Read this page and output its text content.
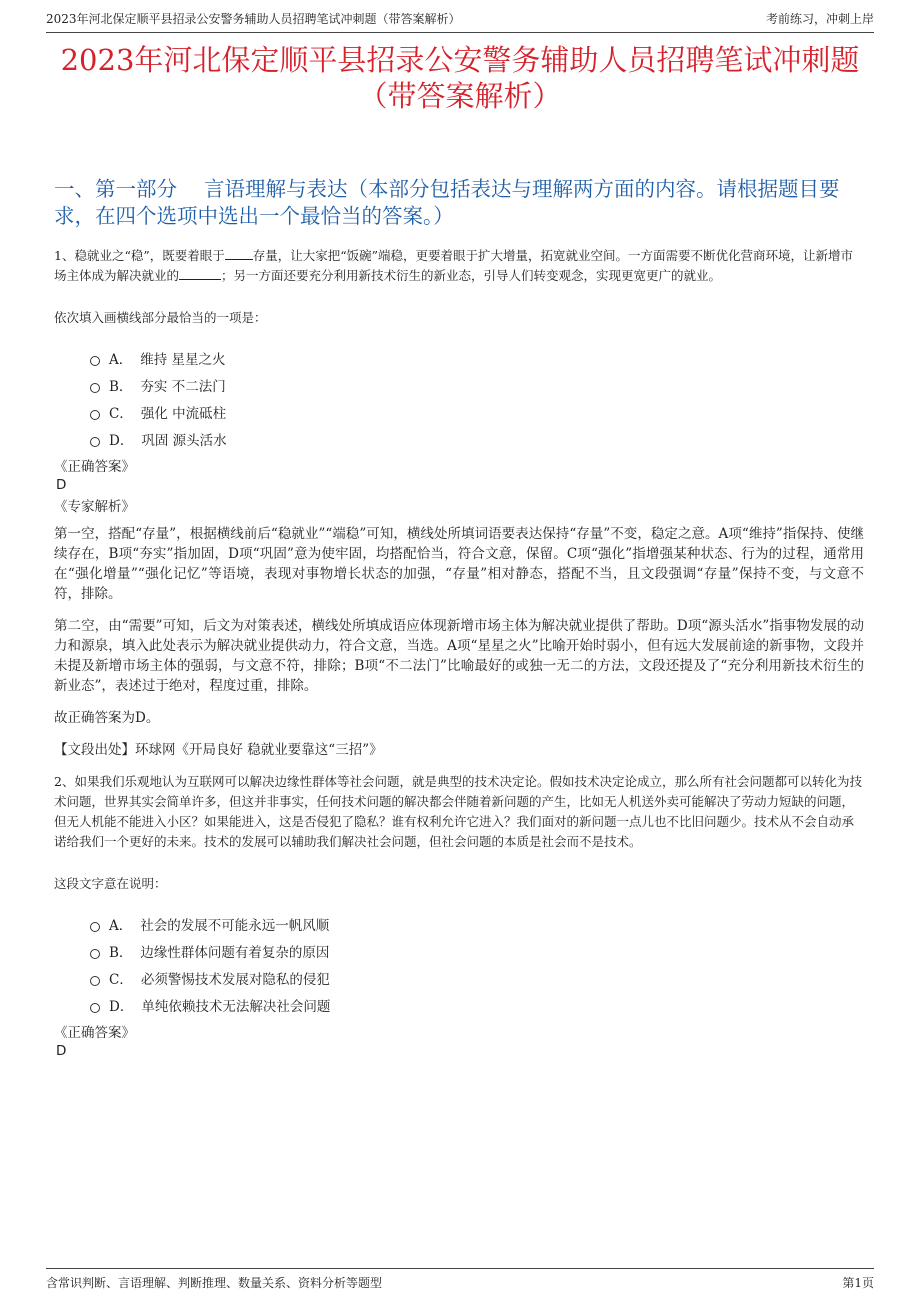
2023年河北保定顺平县招录公安警务辅助人员招聘笔试冲刺题（带答案解析）	考前练习，冲刺上岸
2023年河北保定顺平县招录公安警务辅助人员招聘笔试冲刺题
（带答案解析）
一、第一部分　 言语理解与表达（本部分包括表达与理解两方面的内容。请根据题目要求，在四个选项中选出一个最恰当的答案。）

1、稳就业之“稳”，既要着眼于 存量，让大家把“饭碗”端稳，更要着眼于扩大增量，拓宽就业空间。一方面需要不断优化营商环境，让新增市场主体成为解决就业的	；另一方面还要充分利用新技术衍生的新业态，引导人们转变观念，实现更宽更广的就业。

依次填入画横线部分最恰当的一项是：

A． 维持 星星之火
B． 夯实 不二法门
C． 强化 中流砥柱
D． 巩固 源头活水

《正确答案》

D

《专家解析》

第一空，搭配“存量”，根据横线前后“稳就业”“端稳”可知，横线处所填词语要表达保持“存量”不变，稳定之意。A项“维持”指保持、使继续存在，B项“夯实”指加固，D项“巩固”意为使牢固，均搭配恰当，符合文意，保留。C项“强化”指增强某种状态、行为的过程，通常用在“强化增量”“强化记忆”等语境，表现对事物增长状态的加强，“存量”相对静态，搭配不当，且文段强调“存量”保持不变，与文意不符，排除。

第二空，由“需要”可知，后文为对策表述，横线处所填成语应体现新增市场主体为解决就业提供了帮助。D项“源头活水”指事物发展的动力和源泉，填入此处表示为解决就业提供动力，符合文意，当选。A项“星星之火”比喻开始时弱小，但有远大发展前途的新事物，文段并未提及新增市场主体的强弱，与文意不符，排除；B项“不二法门”比喻最好的或独一无二的方法，文段还提及了“充分利用新技术衍生的新业态”，表述过于绝对，程度过重，排除。

故正确答案为D。

【文段出处】环球网《开局良好 稳就业要靠这“三招”》

2、如果我们乐观地认为互联网可以解决边缘性群体等社会问题，就是典型的技术决定论。假如技术决定论成立，那么所有社会问题都可以转化为技术问题，世界其实会简单许多，但这并非事实，任何技术问题的解决都会伴随着新问题的产生，比如无人机送外卖可能解决了劳动力短缺的问题，但无人机能不能进入小区？如果能进入，这是否侵犯了隐私？谁有权利允许它进入？我们面对的新问题一点儿也不比旧问题少。技术从不会自动承诺给我们一个更好的未来。技术的发展可以辅助我们解决社会问题，但社会问题的本质是社会而不是技术。

这段文字意在说明：

A． 社会的发展不可能永远一帆风顺
B． 边缘性群体问题有着复杂的原因
C． 必须警惕技术发展对隐私的侵犯
D． 单纯依赖技术无法解决社会问题

《正确答案》

D

含常识判断、言语理解、判断推理、数量关系、资料分析等题型	第1页
